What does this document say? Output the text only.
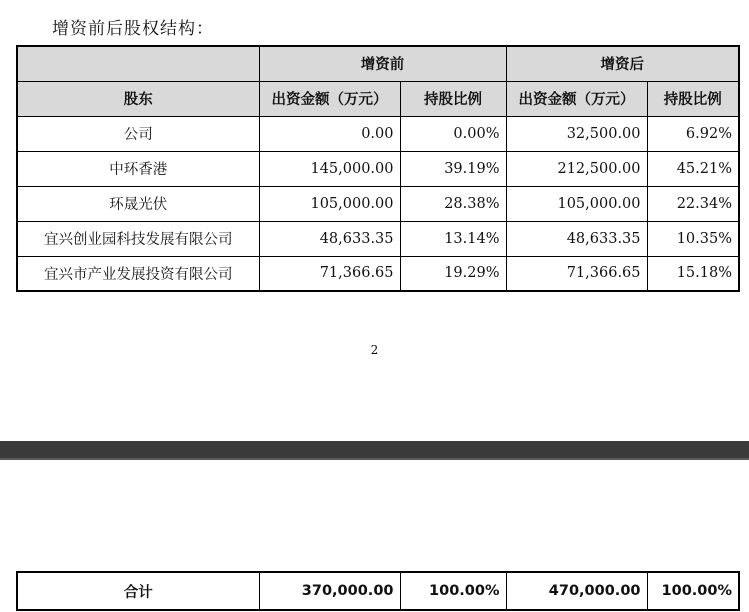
增资前后股权结构：
	增资前		增资后	
股东	出资金额（万元）	持股比例	出资金额（万元）	持股比例
公司	0.00	0.00%	32,500.00	6.92%
中环香港	145,000.00	39.19%	212,500.00	45.21%
环晟光伏	105,000.00	28.38%	105,000.00	22.34%
宜兴创业园科技发展有限公司	48,633.35	13.14%	48,633.35	10.35%
宜兴市产业发展投资有限公司	71,366.65	19.29%	71,366.65	15.18%
2
合计	370,000.00	100.00%	470,000.00	100.00%
